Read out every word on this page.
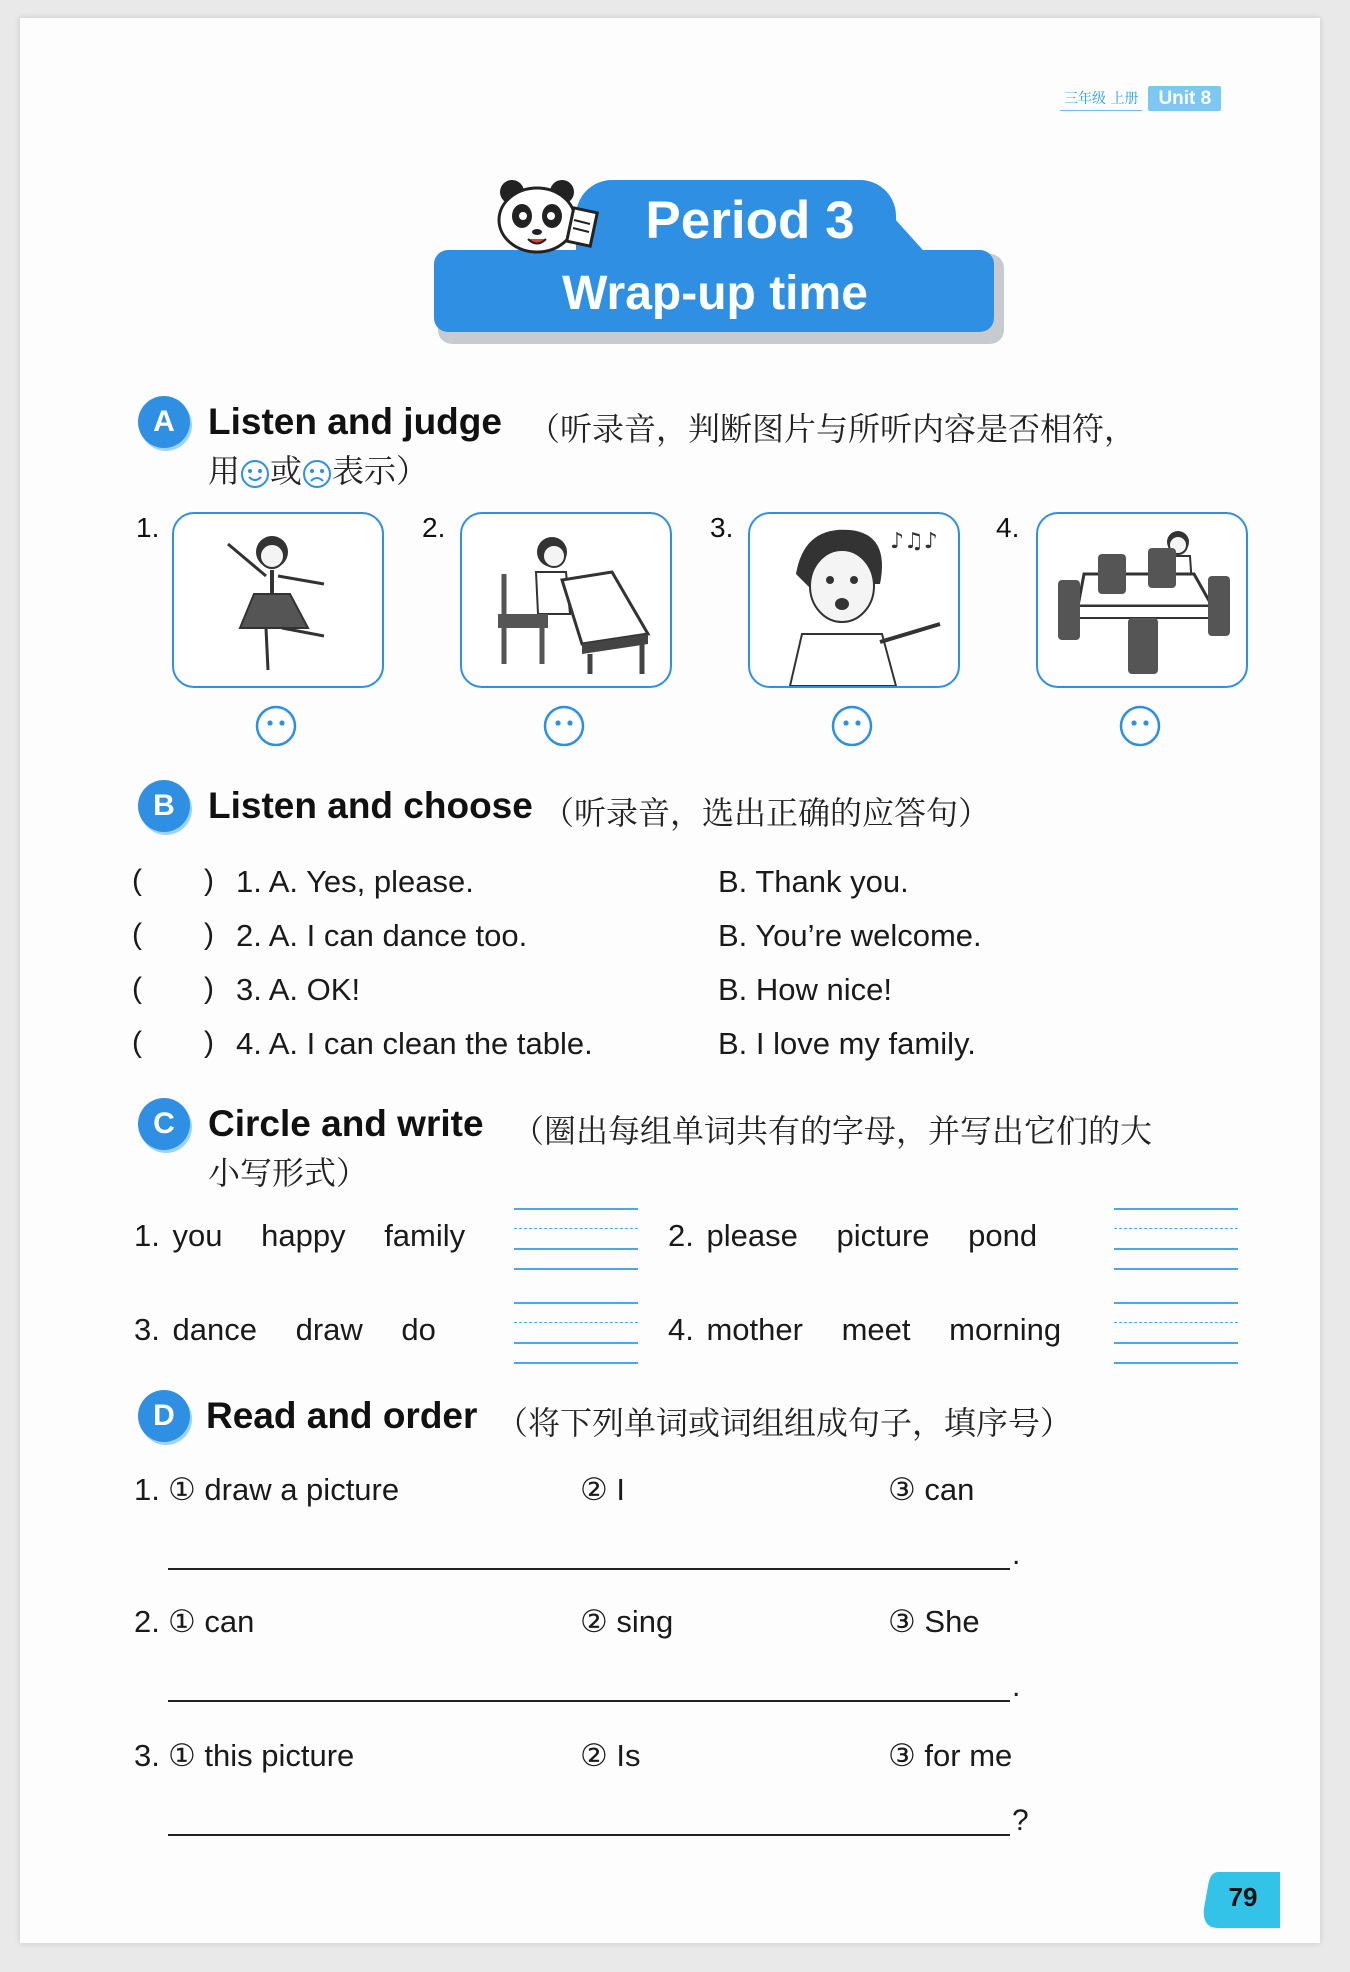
三年级 上册	Unit 8
Period 3
Wrap-up time
A Listen and judge （听录音，判断图片与所听内容是否相符，
用 或 表示）
1.	2.	3.	♪♫♪ 4.
B Listen and choose （听录音，选出正确的应答句）
( ) 1. A. Yes, please.	B. Thank you.
( ) 2. A. I can dance too.	B. You’re welcome.
( ) 3. A. OK!	B. How nice!
( ) 4. A. I can clean the table.	B. I love my family.
C Circle and write （圈出每组单词共有的字母，并写出它们的大
小写形式）
1. you happy family	2. please picture pond
3. dance draw do	4. mother meet morning
D Read and order （将下列单词或词组组成句子，填序号）
1. ① draw a picture	② I	③ can
.
2. ① can	② sing	③ She
.
3. ① this picture	② Is	③ for me
?
79
